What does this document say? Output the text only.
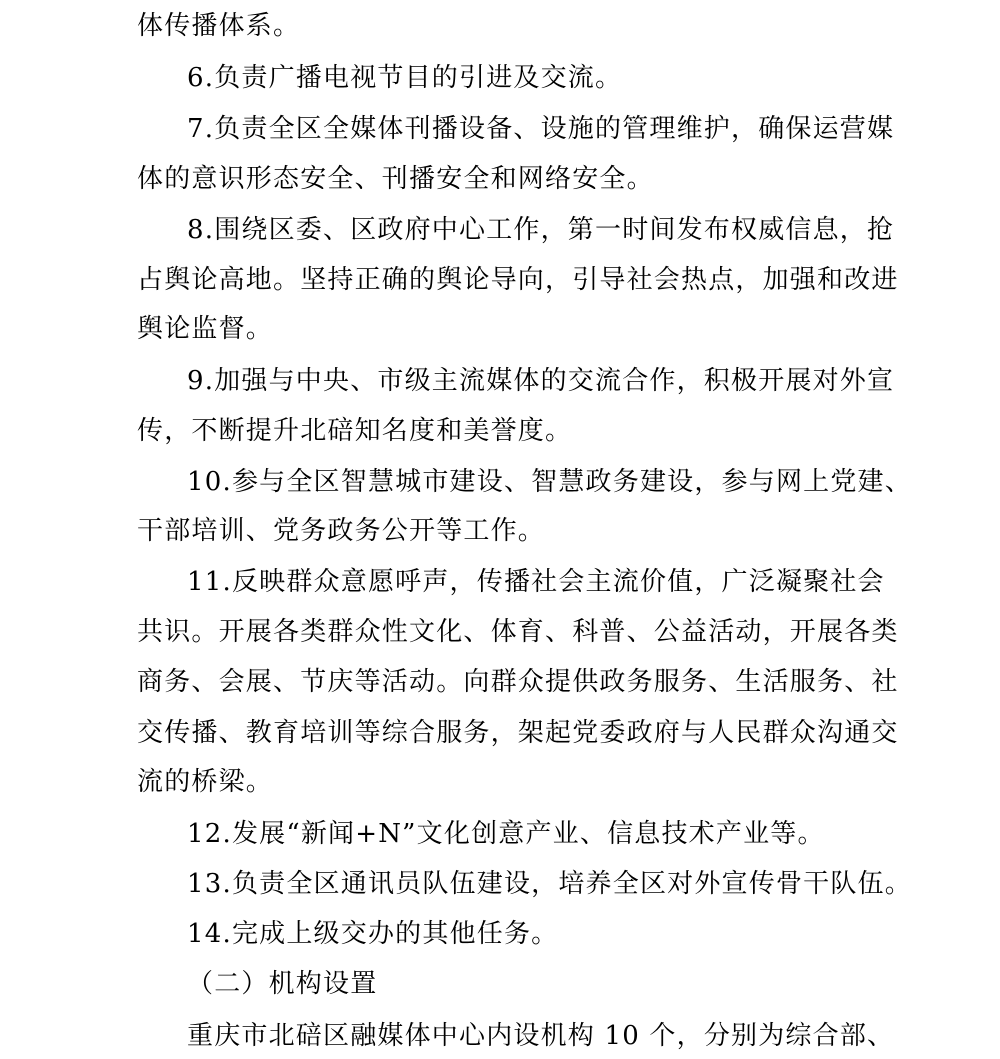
体传播体系。
6.负责广播电视节目的引进及交流。
7.负责全区全媒体刊播设备、设施的管理维护，确保运营媒
体的意识形态安全、刊播安全和网络安全。
8.围绕区委、区政府中心工作，第一时间发布权威信息，抢
占舆论高地。坚持正确的舆论导向，引导社会热点，加强和改进
舆论监督。
9.加强与中央、市级主流媒体的交流合作，积极开展对外宣
传，不断提升北碚知名度和美誉度。
10.参与全区智慧城市建设、智慧政务建设，参与网上党建、
干部培训、党务政务公开等工作。
11.反映群众意愿呼声，传播社会主流价值，广泛凝聚社会
共识。开展各类群众性文化、体育、科普、公益活动，开展各类
商务、会展、节庆等活动。向群众提供政务服务、生活服务、社
交传播、教育培训等综合服务，架起党委政府与人民群众沟通交
流的桥梁。
12.发展“新闻+N”文化创意产业、信息技术产业等。
13.负责全区通讯员队伍建设，培养全区对外宣传骨干队伍。
14.完成上级交办的其他任务。
（二）机构设置
重庆市北碚区融媒体中心内设机构 10 个，分别为综合部、
